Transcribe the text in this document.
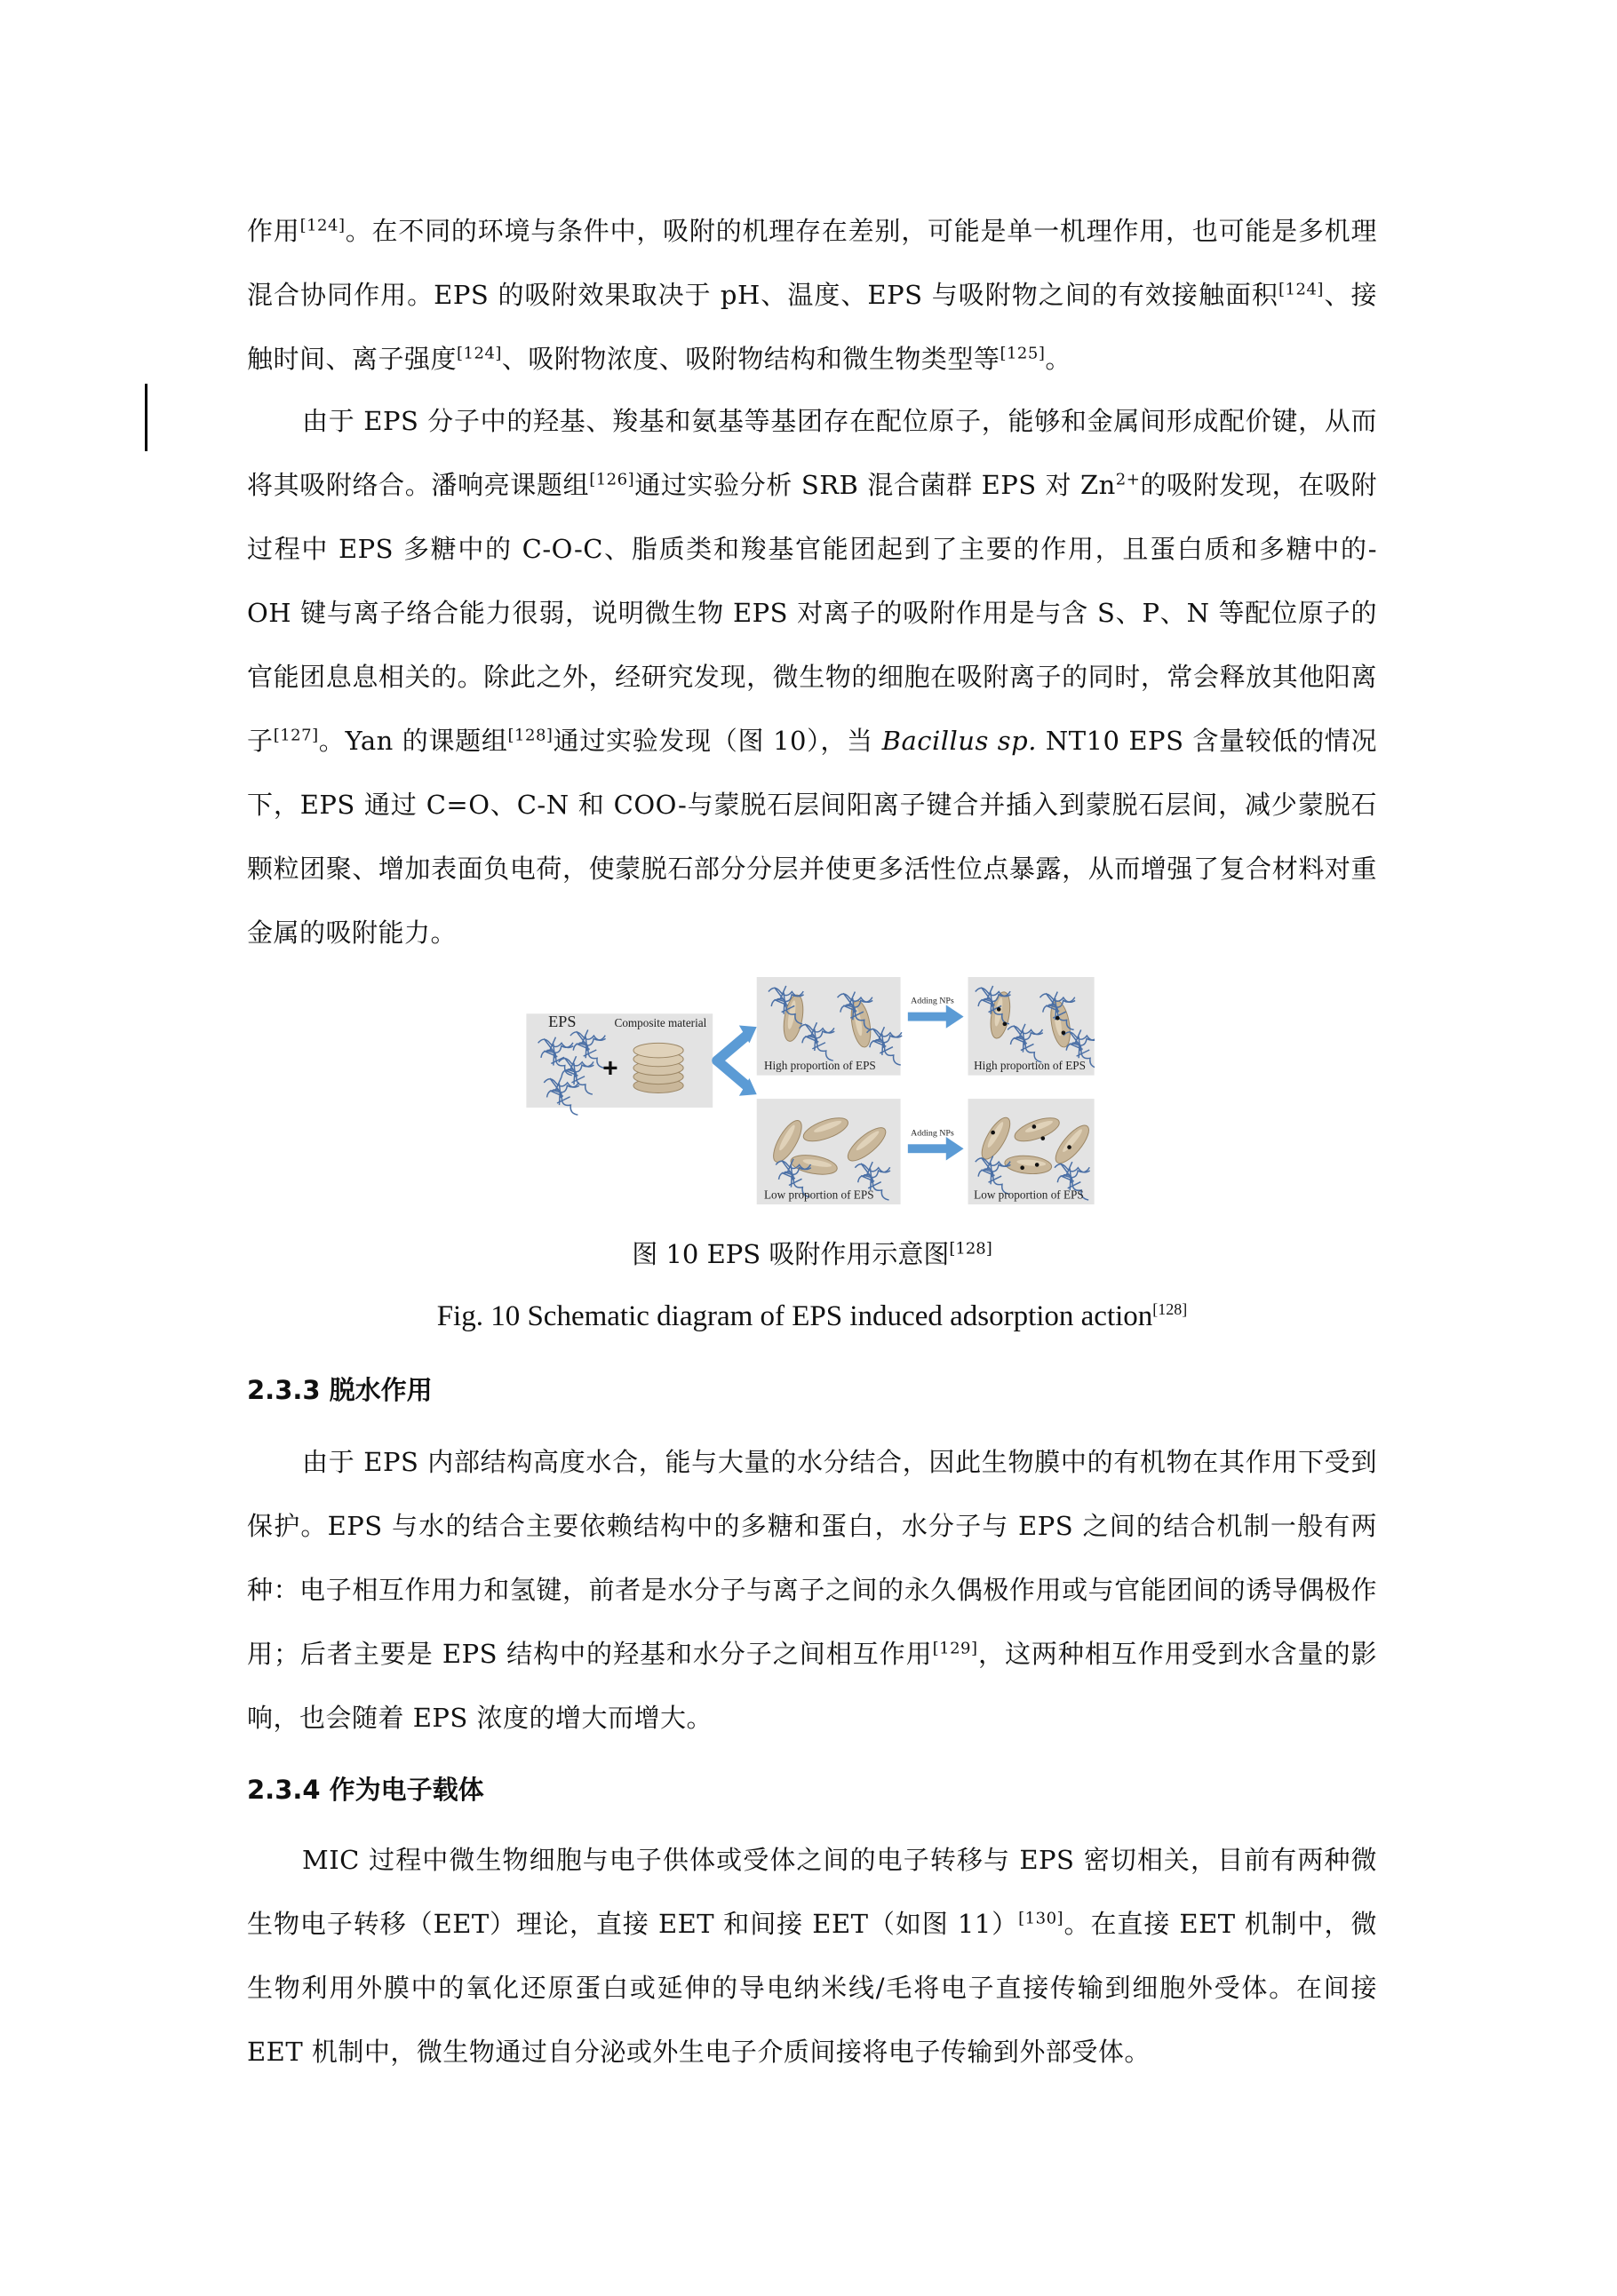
作用[124]。在不同的环境与条件中，吸附的机理存在差别，可能是单一机理作用，也可能是多机理混合协同作用。EPS 的吸附效果取决于 pH、温度、EPS 与吸附物之间的有效接触面积[124]、接触时间、离子强度[124]、吸附物浓度、吸附物结构和微生物类型等[125]。

由于 EPS 分子中的羟基、羧基和氨基等基团存在配位原子，能够和金属间形成配价键，从而将其吸附络合。潘响亮课题组[126]通过实验分析 SRB 混合菌群 EPS 对 $Zn^{2+}$的吸附发现，在吸附过程中 EPS 多糖中的 C-O-C、脂质类和羧基官能团起到了主要的作用，且蛋白质和多糖中的-OH 键与离子络合能力很弱，说明微生物 EPS 对离子的吸附作用是与含 S、P、N 等配位原子的官能团息息相关的。除此之外，经研究发现，微生物的细胞在吸附离子的同时，常会释放其他阳离子[127]。Yan 的课题组[128]通过实验发现（图 10），当 Bacillus sp. NT10 EPS 含量较低的情况下，EPS 通过 C=O、C-N 和 COO-与蒙脱石层间阳离子键合并插入到蒙脱石层间，减少蒙脱石颗粒团聚、增加表面负电荷，使蒙脱石部分分层并使更多活性位点暴露，从而增强了复合材料对重金属的吸附能力。

EPS	Composite material
+	High proportion of EPS
Adding NPs
High proportion of EPS
Low proportion of EPS
Adding NPs
Low proportion of EPS

图 10 EPS 吸附作用示意图[128]

Fig. 10 Schematic diagram of EPS induced adsorption action[128]

2.3.3 脱水作用

由于 EPS 内部结构高度水合，能与大量的水分结合，因此生物膜中的有机物在其作用下受到保护。EPS 与水的结合主要依赖结构中的多糖和蛋白，水分子与 EPS 之间的结合机制一般有两种：电子相互作用力和氢键，前者是水分子与离子之间的永久偶极作用或与官能团间的诱导偶极作用；后者主要是 EPS 结构中的羟基和水分子之间相互作用[129]，这两种相互作用受到水含量的影响，也会随着 EPS 浓度的增大而增大。

2.3.4 作为电子载体

MIC 过程中微生物细胞与电子供体或受体之间的电子转移与 EPS 密切相关，目前有两种微生物电子转移（EET）理论，直接 EET 和间接 EET（如图 11）[130]。在直接 EET 机制中，微生物利用外膜中的氧化还原蛋白或延伸的导电纳米线/毛将电子直接传输到细胞外受体。在间接 EET 机制中，微生物通过自分泌或外生电子介质间接将电子传输到外部受体。
